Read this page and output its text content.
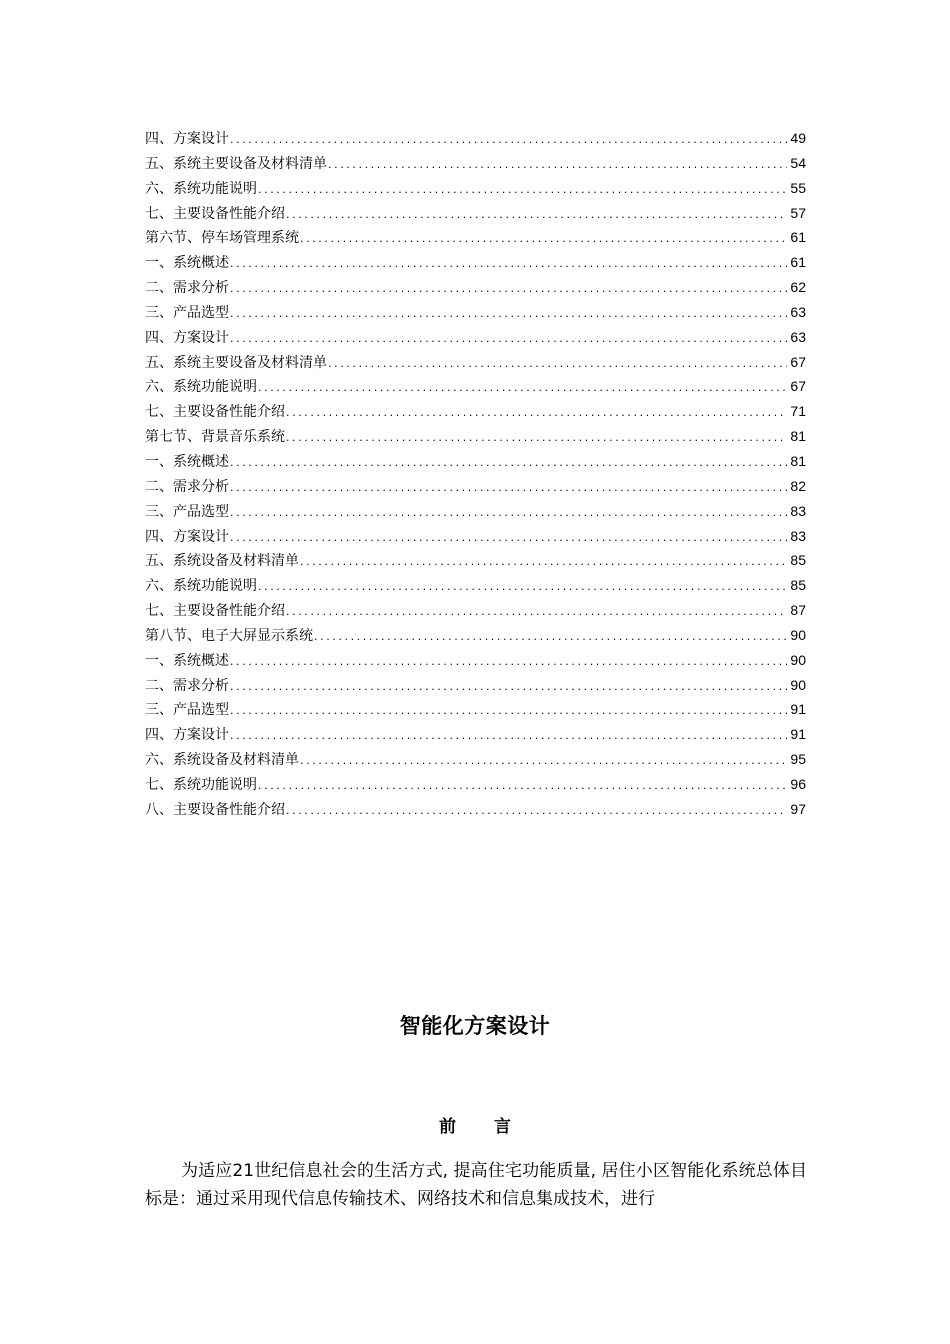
四、方案设计 .....	49
五、系统主要设备及材料清单 .....	54
六、系统功能说明 .....	55
七、主要设备性能介绍 .....	57
第六节、停车场管理系统 .....	61
一、系统概述 .....	61
二、需求分析 .....	62
三、产品选型 .....	63
四、方案设计 .....	63
五、系统主要设备及材料清单 .....	67
六、系统功能说明 .....	67
七、主要设备性能介绍 .....	71
第七节、背景音乐系统 .....	81
一、系统概述 .....	81
二、需求分析 .....	82
三、产品选型 .....	83
四、方案设计 .....	83
五、系统设备及材料清单 .....	85
六、系统功能说明 .....	85
七、主要设备性能介绍 .....	87
第八节、电子大屏显示系统 .....	90
一、系统概述 .....	90
二、需求分析 .....	90
三、产品选型 .....	91
四、方案设计 .....	91
六、系统设备及材料清单 .....	95
七、系统功能说明 .....	96
八、主要设备性能介绍 .....	97
智能化方案设计
前 言

为适应21世纪信息社会的生活方式, 提高住宅功能质量, 居住小区智能化系统总体目标是：通过采用现代信息传输技术、网络技术和信息集成技术，进行
